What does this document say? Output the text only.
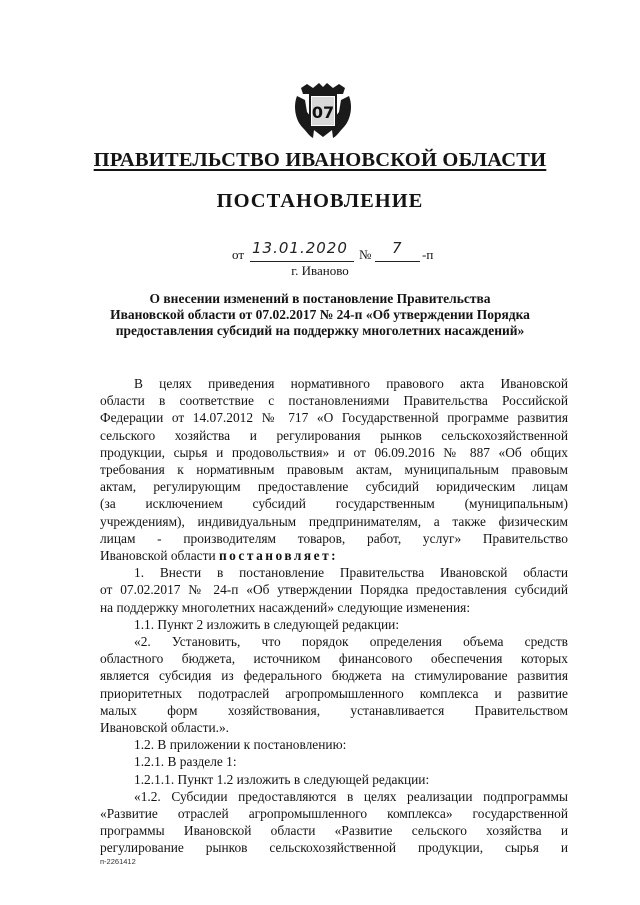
07
ПРАВИТЕЛЬСТВО ИВАНОВСКОЙ ОБЛАСТИ
ПОСТАНОВЛЕНИЕ
от 13.01.2020 № 7 -п
г. Иваново
О внесении изменений в постановление Правительства
Ивановской области от 07.02.2017 № 24-п «Об утверждении Порядка
предоставления субсидий на поддержку многолетних насаждений»
В целях приведения нормативного правового акта Ивановской
области в соответствие с постановлениями Правительства Российской
Федерации от 14.07.2012 № 717 «О Государственной программе развития
сельского хозяйства и регулирования рынков сельскохозяйственной
продукции, сырья и продовольствия» и от 06.09.2016 № 887 «Об общих
требования к нормативным правовым актам, муниципальным правовым
актам, регулирующим предоставление субсидий юридическим лицам
(за исключением субсидий государственным (муниципальным)
учреждениям), индивидуальным предпринимателям, а также физическим
лицам - производителям товаров, работ, услуг» Правительство
Ивановской области постановляет:
1. Внести в постановление Правительства Ивановской области
от 07.02.2017 № 24-п «Об утверждении Порядка предоставления субсидий
на поддержку многолетних насаждений» следующие изменения:
1.1. Пункт 2 изложить в следующей редакции:
«2. Установить, что порядок определения объема средств
областного бюджета, источником финансового обеспечения которых
является субсидия из федерального бюджета на стимулирование развития
приоритетных подотраслей агропромышленного комплекса и развитие
малых форм хозяйствования, устанавливается Правительством
Ивановской области.».
1.2. В приложении к постановлению:
1.2.1. В разделе 1:
1.2.1.1. Пункт 1.2 изложить в следующей редакции:
«1.2. Субсидии предоставляются в целях реализации подпрограммы
«Развитие отраслей агропромышленного комплекса» государственной
программы Ивановской области «Развитие сельского хозяйства и
регулирование рынков сельскохозяйственной продукции, сырья и
п-2261412
